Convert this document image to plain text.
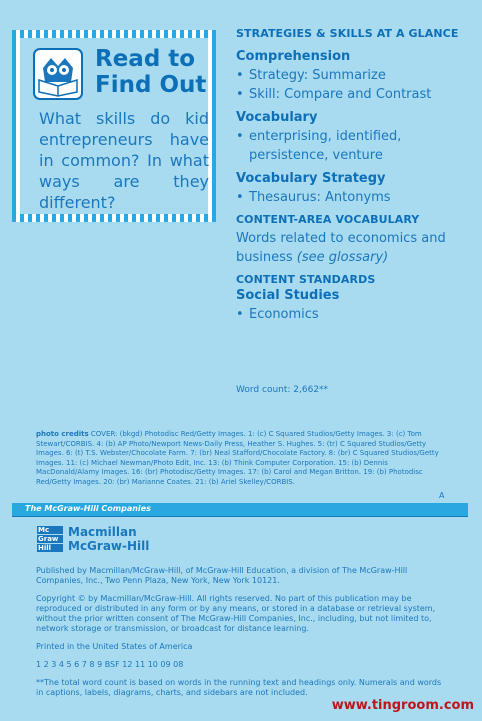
Read to
Find Out
What skills do kid entrepreneurs have in common? In what ways are they different?
STRATEGIES & SKILLS AT A GLANCE
Comprehension
• Strategy: Summarize
• Skill: Compare and Contrast
Vocabulary
• enterprising, identified, persistence, venture
Vocabulary Strategy
• Thesaurus: Antonyms
CONTENT-AREA VOCABULARY
Words related to economics and business (see glossary)
CONTENT STANDARDS
Social Studies
• Economics
Word count: 2,662**
photo credits COVER: (bkgd) Photodisc Red/Getty Images. 1: (c) C Squared Studios/Getty Images. 3: (c) Tom Stewart/CORBIS. 4: (b) AP Photo/Newport News-Daily Press, Heather S. Hughes. 5: (tr) C Squared Studios/Getty Images. 6: (t) T.S. Webster/Chocolate Farm. 7: (br) Neal Stafford/Chocolate Factory. 8: (br) C Squared Studios/Getty Images. 11: (c) Michael Newman/Photo Edit, Inc. 13: (b) Think Computer Corporation. 15: (b) Dennis MacDonald/Alamy Images. 16: (br) Photodisc/Getty Images. 17: (b) Carol and Megan Britton. 19: (b) Photodisc Red/Getty Images. 20: (br) Marianne Coates. 21: (b) Ariel Skelley/CORBIS.
A
The McGraw-Hill Companies
Mc
Graw
Hill
Macmillan
McGraw-Hill

Published by Macmillan/McGraw-Hill, of McGraw-Hill Education, a division of The McGraw-Hill Companies, Inc., Two Penn Plaza, New York, New York 10121.

Copyright © by Macmillan/McGraw-Hill. All rights reserved. No part of this publication may be reproduced or distributed in any form or by any means, or stored in a database or retrieval system, without the prior written consent of The McGraw-Hill Companies, Inc., including, but not limited to, network storage or transmission, or broadcast for distance learning.

Printed in the United States of America

1 2 3 4 5 6 7 8 9 BSF 12 11 10 09 08

**The total word count is based on words in the running text and headings only. Numerals and words in captions, labels, diagrams, charts, and sidebars are not included.

www.tingroom.com
